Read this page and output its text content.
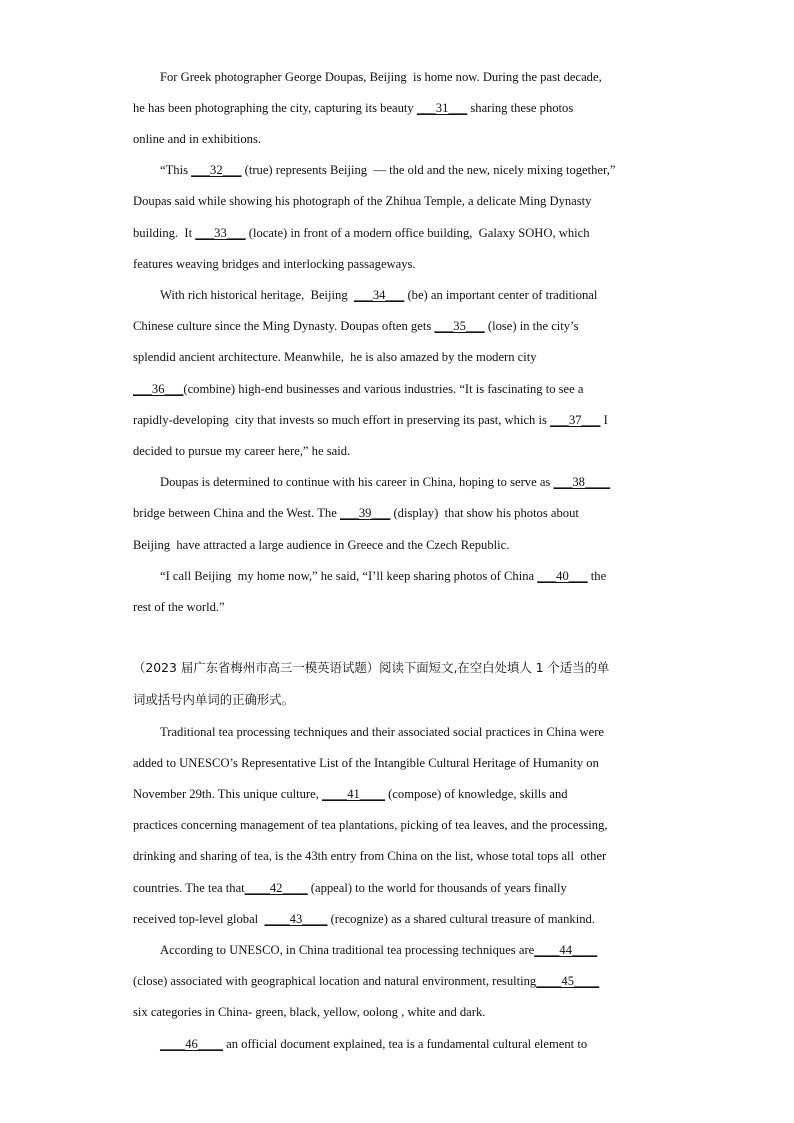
For Greek photographer George Doupas, Beijing  is home now. During the past decade,
he has been photographing the city, capturing its beauty ___31___ sharing these photos
online and in exhibitions.
“This ___32___ (true) represents Beijing  — the old and the new, nicely mixing together,”
Doupas said while showing his photograph of the Zhihua Temple, a delicate Ming Dynasty
building.  It ___33___ (locate) in front of a modern office building,  Galaxy SOHO, which
features weaving bridges and interlocking passageways.
With rich historical heritage,  Beijing  ___34___ (be) an important center of traditional
Chinese culture since the Ming Dynasty. Doupas often gets ___35___ (lose) in the city’s
splendid ancient architecture. Meanwhile,  he is also amazed by the modern city
___36___(combine) high-end businesses and various industries. “It is fascinating to see a
rapidly-developing  city that invests so much effort in preserving its past, which is ___37___ I
decided to pursue my career here,” he said.
Doupas is determined to continue with his career in China, hoping to serve as ___38____
bridge between China and the West. The ___39___ (display)  that show his photos about
Beijing  have attracted a large audience in Greece and the Czech Republic.
“I call Beijing  my home now,” he said, “I’ll keep sharing photos of China ___40___ the
rest of the world.”
（2023 届广东省梅州市高三一模英语试题）阅读下面短文,在空白处填人 1 个适当的单
词或括号内单词的正确形式。
Traditional tea processing techniques and their associated social practices in China were
added to UNESCO’s Representative List of the Intangible Cultural Heritage of Humanity on
November 29th. This unique culture, ____41____ (compose) of knowledge, skills and
practices concerning management of tea plantations, picking of tea leaves, and the processing,
drinking and sharing of tea, is the 43th entry from China on the list, whose total tops all  other
countries. The tea that____42____ (appeal) to the world for thousands of years finally
received top-level global  ____43____ (recognize) as a shared cultural treasure of mankind.
According to UNESCO, in China traditional tea processing techniques are____44____
(close) associated with geographical location and natural environment, resulting____45____
six categories in China- green, black, yellow, oolong , white and dark.
____46____ an official document explained, tea is a fundamental cultural element to
